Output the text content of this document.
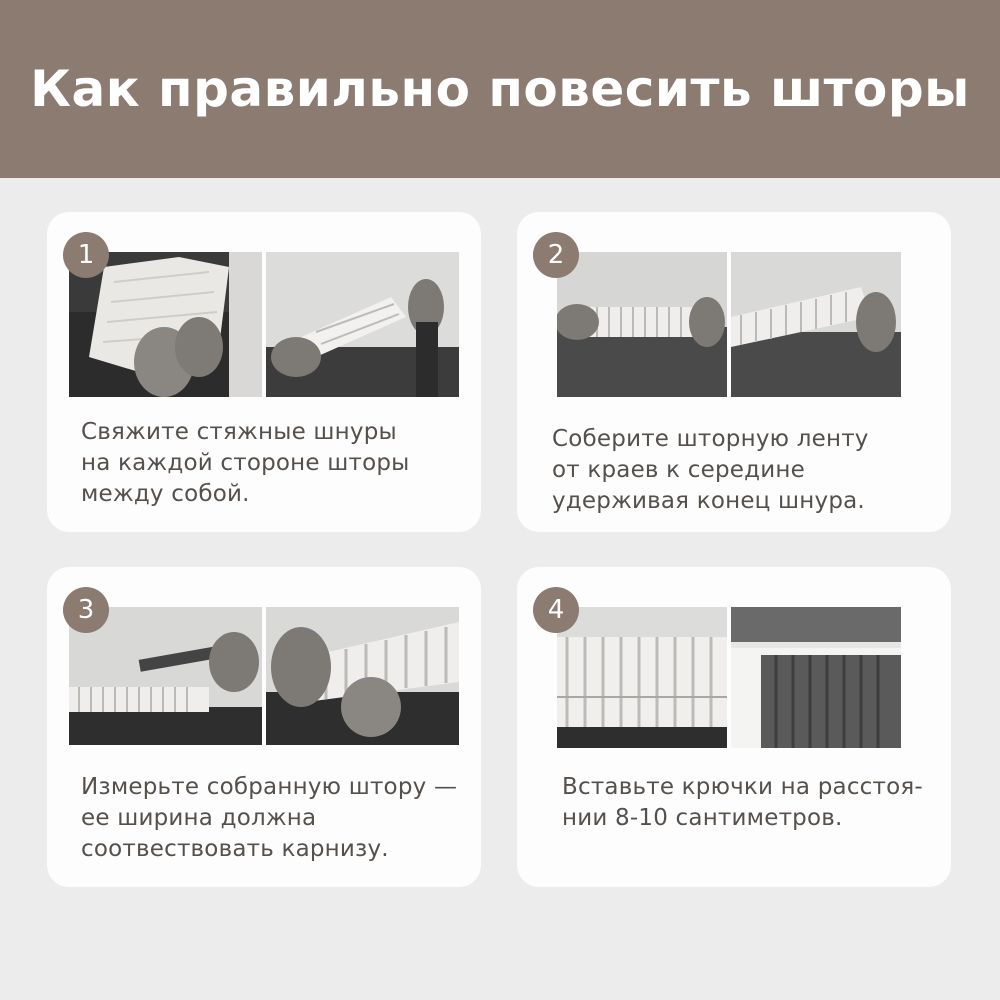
Как правильно повесить шторы
1

Свяжите стяжные шнуры
на каждой стороне шторы
между собой.

2

Соберите шторную ленту
от краев к середине
удерживая конец шнура.

3

Измерьте собранную штору —
ее ширина должна
соотвествовать карнизу.

4

Вставьте крючки на расстоя-
нии 8-10 сантиметров.
